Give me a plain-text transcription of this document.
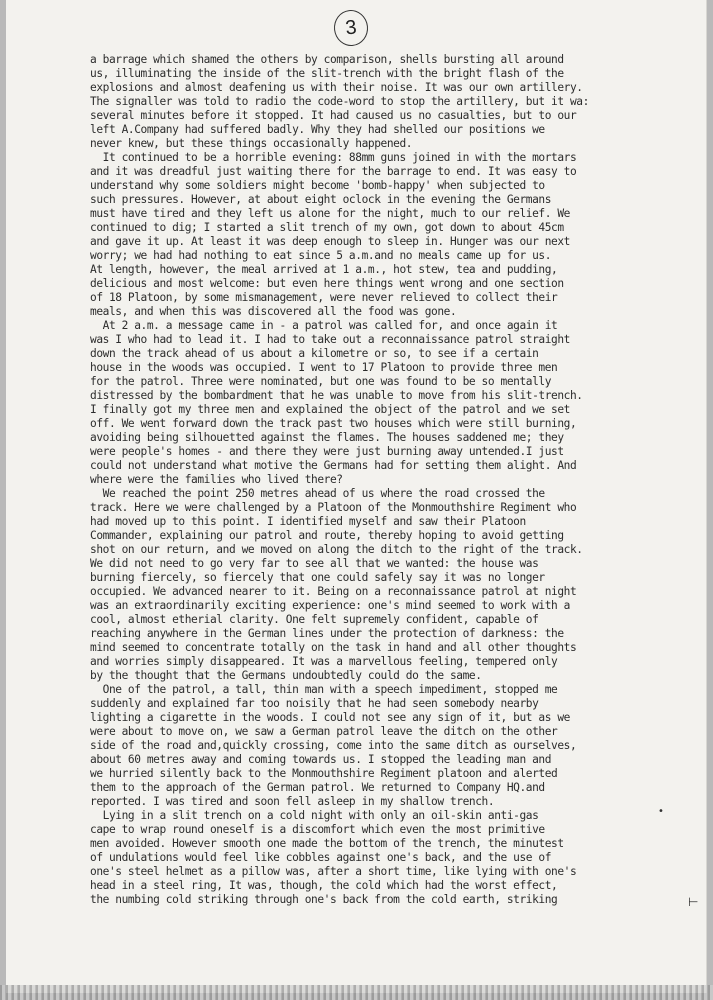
3
a barrage which shamed the others by comparison, shells bursting all around
us, illuminating the inside of the slit-trench with the bright flash of the
explosions and almost deafening us with their noise. It was our own artillery.
The signaller was told to radio the code-word to stop the artillery, but it wa:
several minutes before it stopped. It had caused us no casualties, but to our
left A.Company had suffered badly. Why they had shelled our positions we
never knew, but these things occasionally happened.
It continued to be a horrible evening: 88mm guns joined in with the mortars
and it was dreadful just waiting there for the barrage to end. It was easy to
understand why some soldiers might become 'bomb-happy' when subjected to
such pressures. However, at about eight oclock in the evening the Germans
must have tired and they left us alone for the night, much to our relief. We
continued to dig; I started a slit trench of my own, got down to about 45cm
and gave it up. At least it was deep enough to sleep in. Hunger was our next
worry; we had had nothing to eat since 5 a.m.and no meals came up for us.
At length, however, the meal arrived at 1 a.m., hot stew, tea and pudding,
delicious and most welcome: but even here things went wrong and one section
of 18 Platoon, by some mismanagement, were never relieved to collect their
meals, and when this was discovered all the food was gone.
At 2 a.m. a message came in - a patrol was called for, and once again it
was I who had to lead it. I had to take out a reconnaissance patrol straight
down the track ahead of us about a kilometre or so, to see if a certain
house in the woods was occupied. I went to 17 Platoon to provide three men
for the patrol. Three were nominated, but one was found to be so mentally
distressed by the bombardment that he was unable to move from his slit-trench.
I finally got my three men and explained the object of the patrol and we set
off. We went forward down the track past two houses which were still burning,
avoiding being silhouetted against the flames. The houses saddened me; they
were people's homes - and there they were just burning away untended.I just
could not understand what motive the Germans had for setting them alight. And
where were the families who lived there?
We reached the point 250 metres ahead of us where the road crossed the
track. Here we were challenged by a Platoon of the Monmouthshire Regiment who
had moved up to this point. I identified myself and saw their Platoon
Commander, explaining our patrol and route, thereby hoping to avoid getting
shot on our return, and we moved on along the ditch to the right of the track.
We did not need to go very far to see all that we wanted: the house was
burning fiercely, so fiercely that one could safely say it was no longer
occupied. We advanced nearer to it. Being on a reconnaissance patrol at night
was an extraordinarily exciting experience: one's mind seemed to work with a
cool, almost etherial clarity. One felt supremely confident, capable of
reaching anywhere in the German lines under the protection of darkness: the
mind seemed to concentrate totally on the task in hand and all other thoughts
and worries simply disappeared. It was a marvellous feeling, tempered only
by the thought that the Germans undoubtedly could do the same.
One of the patrol, a tall, thin man with a speech impediment, stopped me
suddenly and explained far too noisily that he had seen somebody nearby
lighting a cigarette in the woods. I could not see any sign of it, but as we
were about to move on, we saw a German patrol leave the ditch on the other
side of the road and,quickly crossing, come into the same ditch as ourselves,
about 60 metres away and coming towards us. I stopped the leading man and
we hurried silently back to the Monmouthshire Regiment platoon and alerted
them to the approach of the German patrol. We returned to Company HQ.and
reported. I was tired and soon fell asleep in my shallow trench.
Lying in a slit trench on a cold night with only an oil-skin anti-gas
cape to wrap round oneself is a discomfort which even the most primitive
men avoided. However smooth one made the bottom of the trench, the minutest
of undulations would feel like cobbles against one's back, and the use of
one's steel helmet as a pillow was, after a short time, like lying with one's
head in a steel ring, It was, though, the cold which had the worst effect,
the numbing cold striking through one's back from the cold earth, striking
•
⊢
